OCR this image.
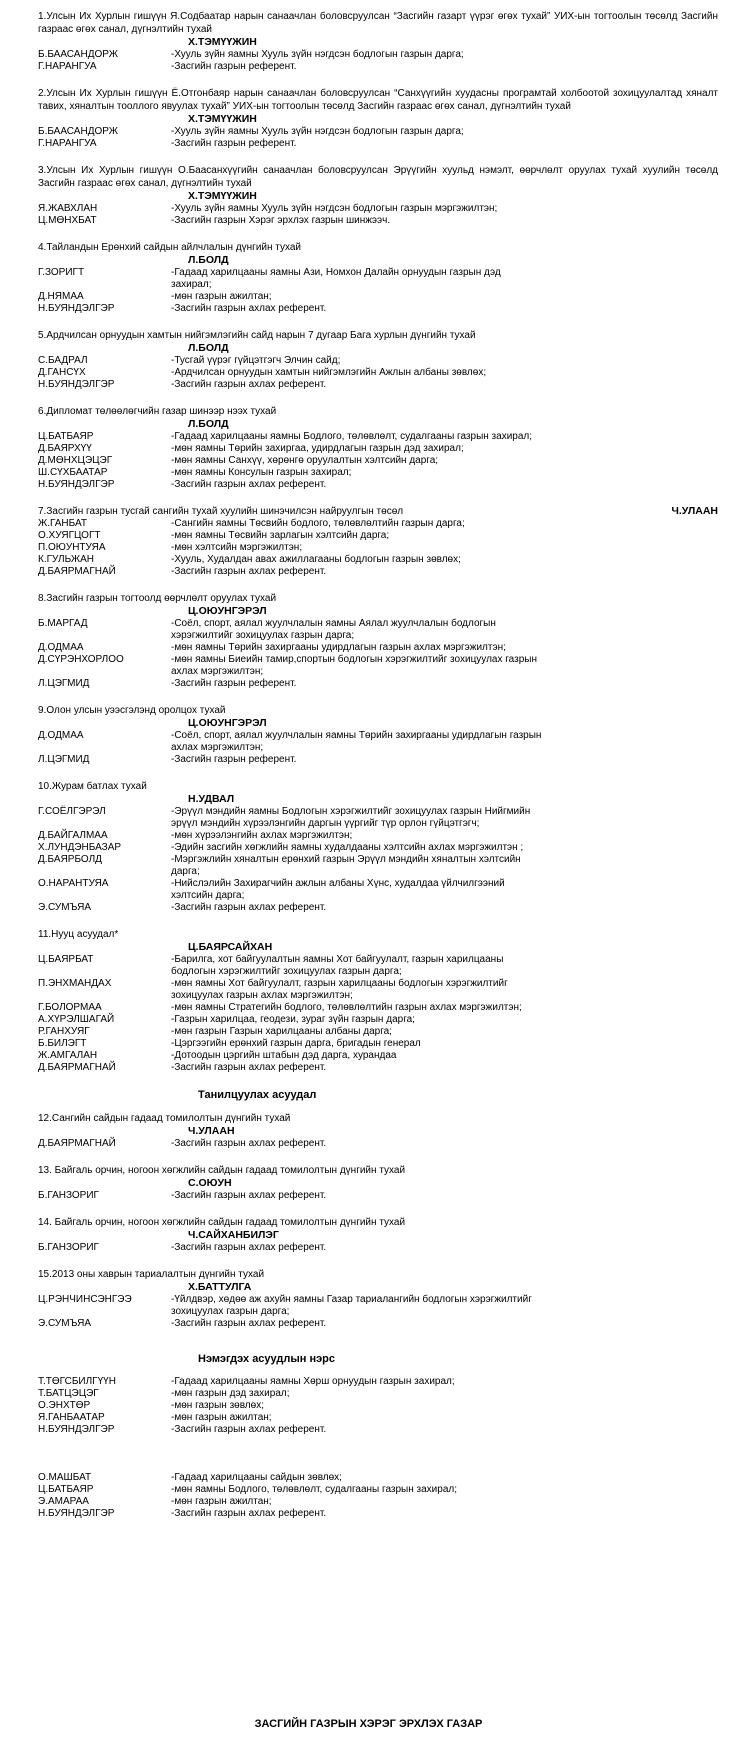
1.Улсын Их Хурлын гишүүн Я.Содбаатар нарын санаачлан боловсруулсан “Засгийн газарт үүрэг өгөх тухай” УИХ-ын тогтоолын төсөлд Засгийн газраас өгөх санал, дүгнэлтийн тухай
Х.ТЭМҮҮЖИН
Б.БААСАНДОРЖ	-Хууль зүйн яамны Хууль зүйн нэгдсэн бодлогын газрын дарга;
Г.НАРАНГУА	-Засгийн газрын референт.
2.Улсын Их Хурлын гишүүн Ё.Отгонбаяр нарын санаачлан боловсруулсан “Санхүүгийн хуудасны програмтай холбоотой зохицуулалтад хяналт тавих, хяналтын тооллого явуулах тухай” УИХ-ын тогтоолын төсөлд Засгийн газраас өгөх санал, дүгнэлтийн тухай
Х.ТЭМҮҮЖИН
Б.БААСАНДОРЖ	-Хууль зүйн яамны Хууль зүйн нэгдсэн бодлогын газрын дарга;
Г.НАРАНГУА	-Засгийн газрын референт.
3.Улсын Их Хурлын гишүүн О.Баасанхүүгийн санаачлан боловсруулсан Эрүүгийн хуульд нэмэлт, өөрчлөлт оруулах тухай хуулийн төсөлд Засгийн газраас өгөх санал, дүгнэлтийн тухай
Х.ТЭМҮҮЖИН
Я.ЖАВХЛАН	-Хууль зүйн яамны Хууль зүйн нэгдсэн бодлогын газрын мэргэжилтэн;
Ц.МӨНХБАТ	-Засгийн газрын Хэрэг эрхлэх газрын шинжээч.
4.Тайландын Ерөнхий сайдын айлчлалын дүнгийн тухай
Л.БОЛД
Г.ЗОРИГТ	-Гадаад харилцааны яамны Ази, Номхон Далайн орнуудын газрын дэд захирал;
Д.НЯМАА	-мөн газрын ажилтан;
Н.БУЯНДЭЛГЭР	-Засгийн газрын ахлах референт.
5.Ардчилсан орнуудын хамтын нийгэмлэгийн сайд нарын 7 дугаар Бага хурлын дүнгийн тухай
Л.БОЛД
С.БАДРАЛ	-Тусгай үүрэг гүйцэтгэгч Элчин сайд;
Д.ГАНСҮХ	-Ардчилсан орнуудын хамтын нийгэмлэгийн Ажлын албаны зөвлөх;
Н.БУЯНДЭЛГЭР	-Засгийн газрын ахлах референт.
6.Дипломат төлөөлөгчийн газар шинээр нээх тухай
Л.БОЛД
Ц.БАТБАЯР	-Гадаад харилцааны яамны Бодлого, төлөвлөлт, судалгааны газрын захирал;
Д.БАЯРХҮҮ	-мөн яамны Төрийн захиргаа, удирдлагын газрын дэд захирал;
Д.МӨНХЦЭЦЭГ	-мөн яамны Санхүү, хөрөнгө оруулалтын хэлтсийн дарга;
Ш.СҮХБААТАР	-мөн яамны Консулын газрын захирал;
Н.БУЯНДЭЛГЭР	-Засгийн газрын ахлах референт.
7.Засгийн газрын тусгай сангийн тухай хуулийн шинэчилсэн найруулгын төсөл	Ч.УЛААН
Ж.ГАНБАТ	-Сангийн яамны Төсвийн бодлого, төлөвлөлтийн газрын дарга;
О.ХУЯГЦОГТ	-мөн яамны Төсвийн зарлагын хэлтсийн дарга;
П.ОЮУНТУЯА	-мөн хэлтсийн мэргэжилтэн;
К.ГУЛЬЖАН	-Хууль, Худалдан авах ажиллагааны бодлогын газрын зөвлөх;
Д.БАЯРМАГНАЙ	-Засгийн газрын ахлах референт.
8.Засгийн газрын тогтоолд өөрчлөлт оруулах тухай
Ц.ОЮУНГЭРЭЛ
Б.МАРГАД	-Соёл, спорт, аялал жуулчлалын яамны Аялал жуулчлалын бодлогын хэрэгжилтийг зохицуулах газрын дарга;
Д.ОДМАА	-мөн яамны Төрийн захиргааны удирдлагын газрын ахлах мэргэжилтэн;
Д.СҮРЭНХОРЛОО	-мөн яамны Биеийн тамир,спортын бодлогын хэрэгжилтийг зохицуулах газрын ахлах мэргэжилтэн;
Л.ЦЭГМИД	-Засгийн газрын референт.
9.Олон улсын уээсгэлэнд оролцох тухай
Ц.ОЮУНГЭРЭЛ
Д.ОДМАА	-Соёл, спорт, аялал жуулчлалын яамны Төрийн захиргааны удирдлагын газрын ахлах мэргэжилтэн;
Л.ЦЭГМИД	-Засгийн газрын референт.
10.Журам батлах тухай
Н.УДВАЛ
Г.СОЁЛГЭРЭЛ	-Эрүүл мэндийн яамны Бодлогын хэрэгжилтийг зохицуулах газрын Нийгмийн эрүүл мэндийн хүрээлэнгийн даргын үүргийг түр орлон гүйцэтгэгч;
Д.БАЙГАЛМАА	-мөн хүрээлэнгийн ахлах мэргэжилтэн;
Х.ЛУНДЭНБАЗАР	-Эдийн засгийн хөгжлийн яамны худалдааны хэлтсийн ахлах мэргэжилтэн ;
Д.БАЯРБОЛД	-Мэргэжлийн хяналтын ерөнхий газрын Эрүүл мэндийн хяналтын хэлтсийн дарга;
О.НАРАНТУЯА	-Нийслэлийн Захирагчийн ажлын албаны Хүнс, худалдаа үйлчилгээний хэлтсийн дарга;
Э.СУМЪЯА	-Засгийн газрын ахлах референт.
11.Нууц асуудал*
Ц.БАЯРСАЙХАН
Ц.БАЯРБАТ	-Барилга, хот байгуулалтын яамны Хот байгуулалт, газрын харилцааны бодлогын хэрэгжилтийг зохицуулах газрын дарга;
П.ЭНХМАНДАХ	-мөн яамны Хот байгуулалт, газрын харилцааны бодлогын хэрэгжилтийг зохицуулах газрын ахлах мэргэжилтэн;
Г.БОЛОРМАА	-мөн яамны Стратегийн бодлого, төлөвлөлтийн газрын ахлах мэргэжилтэн;
А.ХҮРЭЛШАГАЙ	-Газрын харилцаа, геодези, зураг зүйн газрын дарга;
Р.ГАНХУЯГ	-мөн газрын Газрын харилцааны албаны дарга;
Б.БИЛЭГТ	-Цэргээгийн ерөнхий газрын дарга, бригадын генерал
Ж.АМГАЛАН	-Дотоодын цэргийн штабын дэд дарга, хурандаа
Д.БАЯРМАГНАЙ	-Засгийн газрын ахлах референт.
Танилцуулах асуудал
12.Сангийн сайдын гадаад томилолтын дүнгийн тухай
Ч.УЛААН
Д.БАЯРМАГНАЙ	-Засгийн газрын ахлах референт.
13. Байгаль орчин, ногоон хөгжлийн сайдын гадаад томилолтын дүнгийн тухай
С.ОЮУН
Б.ГАНЗОРИГ	-Засгийн газрын ахлах референт.
14. Байгаль орчин, ногоон хөгжлийн сайдын гадаад томилолтын дүнгийн тухай
Ч.САЙХАНБИЛЭГ
Б.ГАНЗОРИГ	-Засгийн газрын ахлах референт.
15.2013 оны хаврын тариалалтын дүнгийн тухай
Х.БАТТУЛГА
Ц.РЭНЧИНСЭНГЭЭ	-Үйлдвэр, хөдөө аж ахуйн яамны Газар тариалангийн бодлогын хэрэгжилтийг зохицуулах газрын дарга;
Э.СУМЪЯА	-Засгийн газрын ахлах референт.
Нэмэгдэх асуудлын нэрс
Т.ТӨГСБИЛГҮҮН	-Гадаад харилцааны яамны Хөрш орнуудын газрын захирал;
Т.БАТЦЭЦЭГ	-мөн газрын дэд захирал;
О.ЭНХТӨР	-мөн газрын зөвлөх;
Я.ГАНБААТАР	-мөн газрын ажилтан;
Н.БУЯНДЭЛГЭР	-Засгийн газрын ахлах референт.
О.МАШБАТ	-Гадаад харилцааны сайдын зөвлөх;
Ц.БАТБАЯР	-мөн яамны Бодлого, төлөвлөлт, судалгааны газрын захирал;
Э.АМАРАА	-мөн газрын ажилтан;
Н.БУЯНДЭЛГЭР	-Засгийн газрын ахлах референт.
ЗАСГИЙН ГАЗРЫН ХЭРЭГ ЭРХЛЭХ ГАЗАР
